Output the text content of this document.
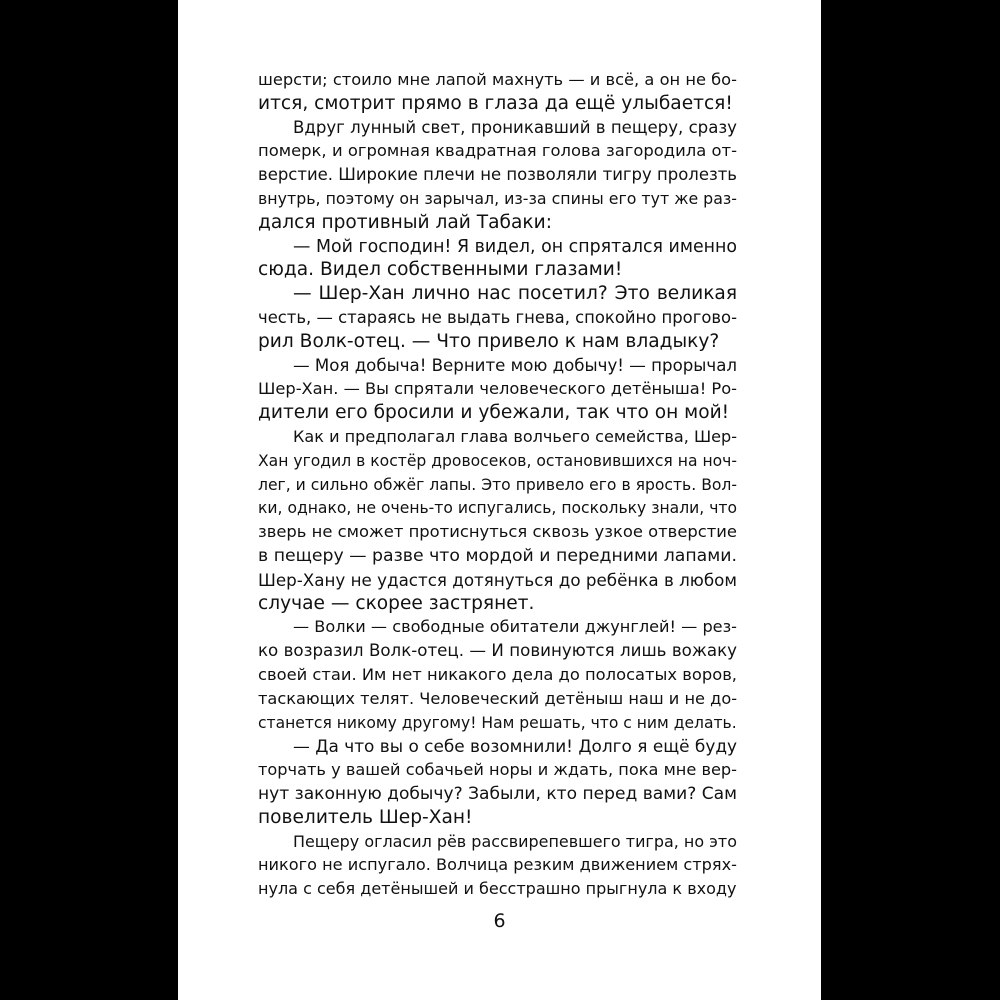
шерсти; стоило мне лапой махнуть — и всё, а он не бо-
ится, смотрит прямо в глаза да ещё улыбается!
Вдруг лунный свет, проникавший в пещеру, сразу
померк, и огромная квадратная голова загородила от-
верстие. Широкие плечи не позволяли тигру пролезть
внутрь, поэтому он зарычал, из-за спины его тут же раз-
дался противный лай Табаки:
— Мой господин! Я видел, он спрятался именно
сюда. Видел собственными глазами!
— Шер-Хан лично нас посетил? Это великая
честь, — стараясь не выдать гнева, спокойно прогово-
рил Волк-отец. — Что привело к нам владыку?
— Моя добыча! Верните мою добычу! — прорычал
Шер-Хан. — Вы спрятали человеческого детёныша! Ро-
дители его бросили и убежали, так что он мой!
Как и предполагал глава волчьего семейства, Шер-
Хан угодил в костёр дровосеков, остановившихся на ноч-
лег, и сильно обжёг лапы. Это привело его в ярость. Вол-
ки, однако, не очень-то испугались, поскольку знали, что
зверь не сможет протиснуться сквозь узкое отверстие
в пещеру — разве что мордой и передними лапами.
Шер-Хану не удастся дотянуться до ребёнка в любом
случае — скорее застрянет.
— Волки — свободные обитатели джунглей! — рез-
ко возразил Волк-отец. — И повинуются лишь вожаку
своей стаи. Им нет никакого дела до полосатых воров,
таскающих телят. Человеческий детёныш наш и не до-
станется никому другому! Нам решать, что с ним делать.
— Да что вы о себе возомнили! Долго я ещё буду
торчать у вашей собачьей норы и ждать, пока мне вер-
нут законную добычу? Забыли, кто перед вами? Сам
повелитель Шер-Хан!
Пещеру огласил рёв рассвирепевшего тигра, но это
никого не испугало. Волчица резким движением стрях-
нула с себя детёнышей и бесстрашно прыгнула к входу
6
